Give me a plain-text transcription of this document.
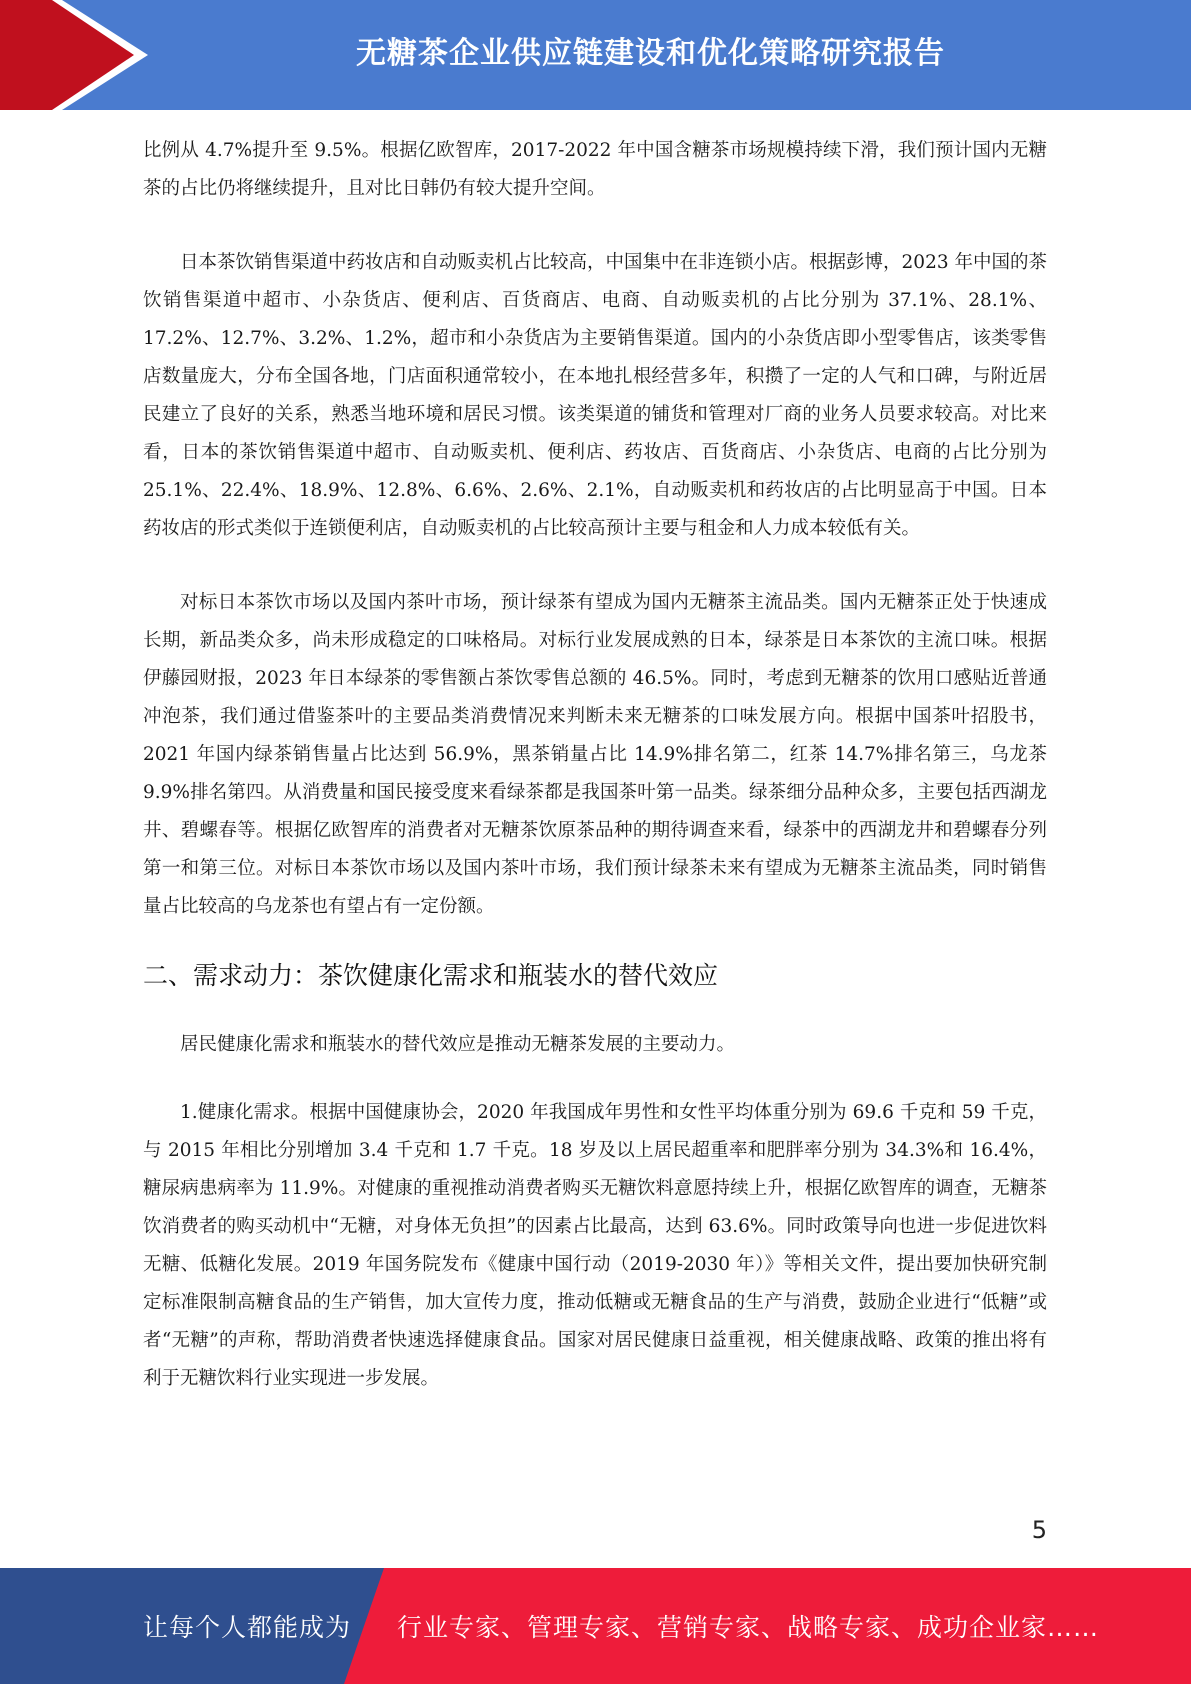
无糖茶企业供应链建设和优化策略研究报告

比例从 4.7%提升至 9.5%。根据亿欧智库，2017-2022 年中国含糖茶市场规模持续下滑，我们预计国内无糖茶的占比仍将继续提升，且对比日韩仍有较大提升空间。

日本茶饮销售渠道中药妆店和自动贩卖机占比较高，中国集中在非连锁小店。根据彭博，2023 年中国的茶饮销售渠道中超市、小杂货店、便利店、百货商店、电商、自动贩卖机的占比分别为 37.1%、28.1%、17.2%、12.7%、3.2%、1.2%，超市和小杂货店为主要销售渠道。国内的小杂货店即小型零售店，该类零售店数量庞大，分布全国各地，门店面积通常较小，在本地扎根经营多年，积攒了一定的人气和口碑，与附近居民建立了良好的关系，熟悉当地环境和居民习惯。该类渠道的铺货和管理对厂商的业务人员要求较高。对比来看，日本的茶饮销售渠道中超市、自动贩卖机、便利店、药妆店、百货商店、小杂货店、电商的占比分别为 25.1%、22.4%、18.9%、12.8%、6.6%、2.6%、2.1%，自动贩卖机和药妆店的占比明显高于中国。日本药妆店的形式类似于连锁便利店，自动贩卖机的占比较高预计主要与租金和人力成本较低有关。

对标日本茶饮市场以及国内茶叶市场，预计绿茶有望成为国内无糖茶主流品类。国内无糖茶正处于快速成长期，新品类众多，尚未形成稳定的口味格局。对标行业发展成熟的日本，绿茶是日本茶饮的主流口味。根据伊藤园财报，2023 年日本绿茶的零售额占茶饮零售总额的 46.5%。同时，考虑到无糖茶的饮用口感贴近普通冲泡茶，我们通过借鉴茶叶的主要品类消费情况来判断未来无糖茶的口味发展方向。根据中国茶叶招股书，2021 年国内绿茶销售量占比达到 56.9%，黑茶销量占比 14.9%排名第二，红茶 14.7%排名第三，乌龙茶 9.9%排名第四。从消费量和国民接受度来看绿茶都是我国茶叶第一品类。绿茶细分品种众多，主要包括西湖龙井、碧螺春等。根据亿欧智库的消费者对无糖茶饮原茶品种的期待调查来看，绿茶中的西湖龙井和碧螺春分列第一和第三位。对标日本茶饮市场以及国内茶叶市场，我们预计绿茶未来有望成为无糖茶主流品类，同时销售量占比较高的乌龙茶也有望占有一定份额。

二、需求动力：茶饮健康化需求和瓶装水的替代效应

居民健康化需求和瓶装水的替代效应是推动无糖茶发展的主要动力。

1.健康化需求。根据中国健康协会，2020 年我国成年男性和女性平均体重分别为 69.6 千克和 59 千克，与 2015 年相比分别增加 3.4 千克和 1.7 千克。18 岁及以上居民超重率和肥胖率分别为 34.3%和 16.4%，糖尿病患病率为 11.9%。对健康的重视推动消费者购买无糖饮料意愿持续上升，根据亿欧智库的调查，无糖茶饮消费者的购买动机中“无糖，对身体无负担”的因素占比最高，达到 63.6%。同时政策导向也进一步促进饮料无糖、低糖化发展。2019 年国务院发布《健康中国行动（2019-2030 年）》等相关文件，提出要加快研究制定标准限制高糖食品的生产销售，加大宣传力度，推动低糖或无糖食品的生产与消费，鼓励企业进行“低糖”或者“无糖”的声称，帮助消费者快速选择健康食品。国家对居民健康日益重视，相关健康战略、政策的推出将有利于无糖饮料行业实现进一步发展。

5
让每个人都能成为 行业专家、管理专家、营销专家、战略专家、成功企业家……
